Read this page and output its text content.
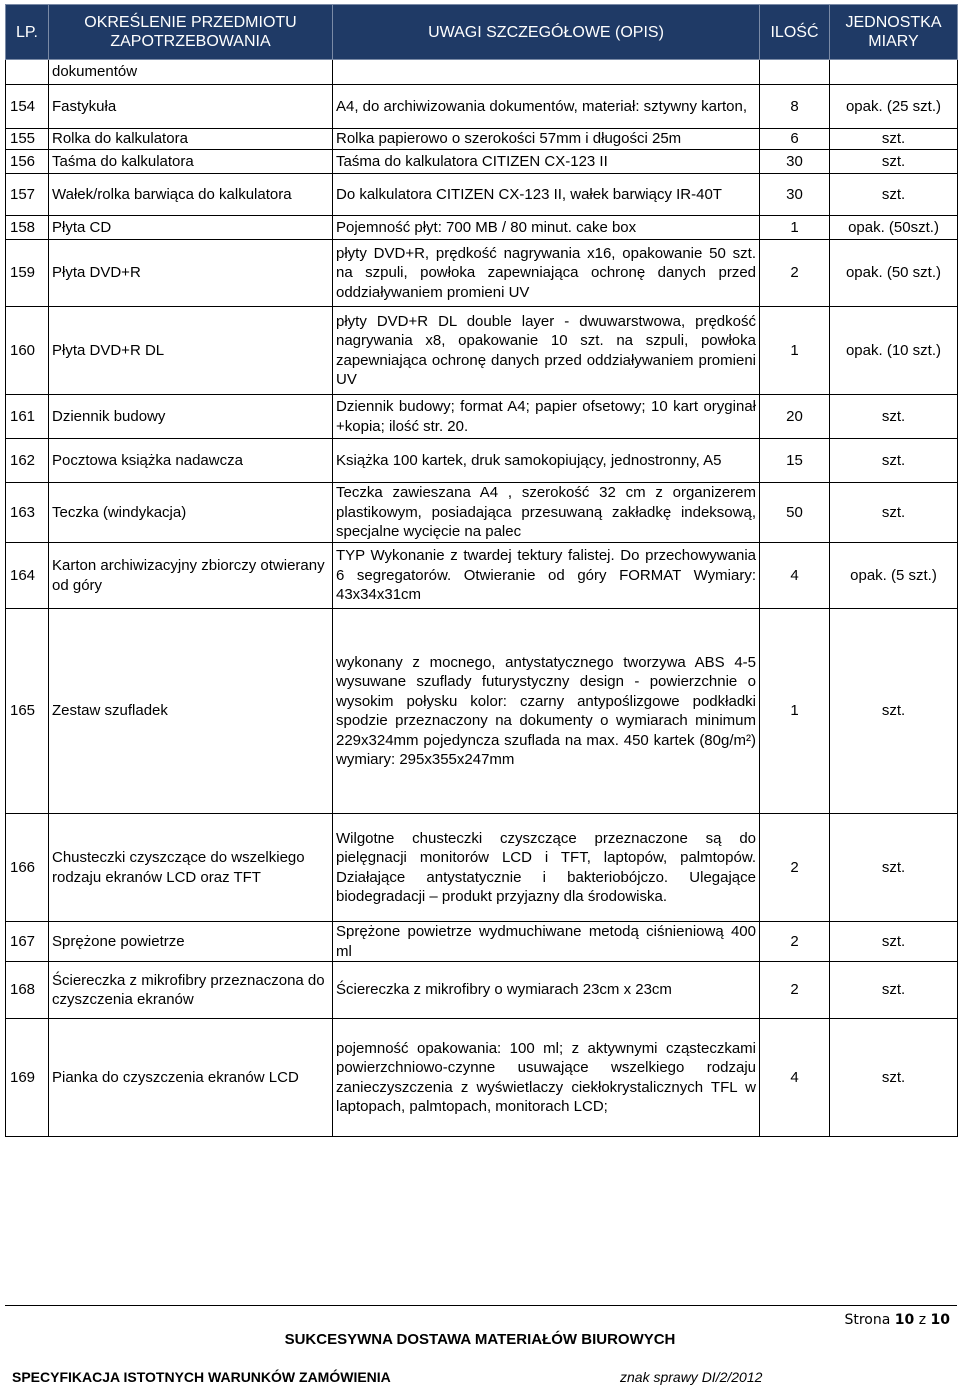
LP.	OKREŚLENIE PRZEDMIOTU ZAPOTRZEBOWANIA	UWAGI SZCZEGÓŁOWE (OPIS)	ILOŚĆ	JEDNOSTKA MIARY
	dokumentów			
154	Fastykuła	A4, do archiwizowania dokumentów, materiał: sztywny karton,	8	opak. (25 szt.)
155	Rolka do kalkulatora	Rolka papierowo o szerokości 57mm i długości 25m	6	szt.
156	Taśma do kalkulatora	Taśma do kalkulatora CITIZEN CX-123 II	30	szt.
157	Wałek/rolka barwiąca do kalkulatora	Do kalkulatora CITIZEN CX-123 II, wałek barwiący IR-40T	30	szt.
158	Płyta CD	Pojemność płyt: 700 MB / 80 minut. cake box	1	opak. (50szt.)
159	Płyta DVD+R	płyty DVD+R, prędkość nagrywania x16, opakowanie 50 szt. na szpuli, powłoka zapewniająca ochronę danych przed oddziaływaniem promieni UV	2	opak. (50 szt.)
160	Płyta DVD+R DL	płyty DVD+R DL double layer - dwuwarstwowa, prędkość nagrywania x8, opakowanie 10 szt. na szpuli, powłoka zapewniająca ochronę danych przed oddziaływaniem promieni UV	1	opak. (10 szt.)
161	Dziennik budowy	Dziennik budowy; format A4; papier ofsetowy; 10 kart oryginał +kopia; ilość str. 20.	20	szt.
162	Pocztowa książka nadawcza	Książka 100 kartek, druk samokopiujący, jednostronny, A5	15	szt.
163	Teczka (windykacja)	Teczka zawieszana A4 , szerokość 32 cm z organizerem plastikowym, posiadająca przesuwaną zakładkę indeksową, specjalne wycięcie na palec	50	szt.
164	Karton archiwizacyjny zbiorczy otwierany od góry	TYP Wykonanie z twardej tektury falistej. Do przechowywania 6 segregatorów. Otwieranie od góry FORMAT Wymiary: 43x34x31cm	4	opak. (5 szt.)
165	Zestaw szufladek	wykonany z mocnego, antystatycznego tworzywa ABS 4-5 wysuwane szuflady futurystyczny design - powierzchnie o wysokim połysku kolor: czarny antypoślizgowe podkładki spodzie przeznaczony na dokumenty o wymiarach minimum 229x324mm pojedyncza szuflada na max. 450 kartek (80g/m²) wymiary: 295x355x247mm	1	szt.
166	Chusteczki czyszczące do wszelkiego rodzaju ekranów LCD oraz TFT	Wilgotne chusteczki czyszczące przeznaczone są do pielęgnacji monitorów LCD i TFT, laptopów, palmtopów. Działające antystatycznie i bakteriobójczo. Ulegające biodegradacji – produkt przyjazny dla środowiska.	2	szt.
167	Sprężone powietrze	Sprężone powietrze wydmuchiwane metodą ciśnieniową 400 ml	2	szt.
168	Ściereczka z mikrofibry przeznaczona do czyszczenia ekranów	Ściereczka z mikrofibry o wymiarach 23cm x 23cm	2	szt.
169	Pianka do czyszczenia ekranów LCD	pojemność opakowania: 100 ml; z aktywnymi cząsteczkami powierzchniowo-czynne usuwające wszelkiego rodzaju zanieczyszczenia z wyświetlaczy ciekłokrystalicznych TFL w laptopach, palmtopach, monitorach LCD;	4	szt.
Strona 10 z 10
SUKCESYWNA DOSTAWA MATERIAŁÓW BIUROWYCH
SPECYFIKACJA ISTOTNYCH WARUNKÓW ZAMÓWIENIA	znak sprawy DI/2/2012
